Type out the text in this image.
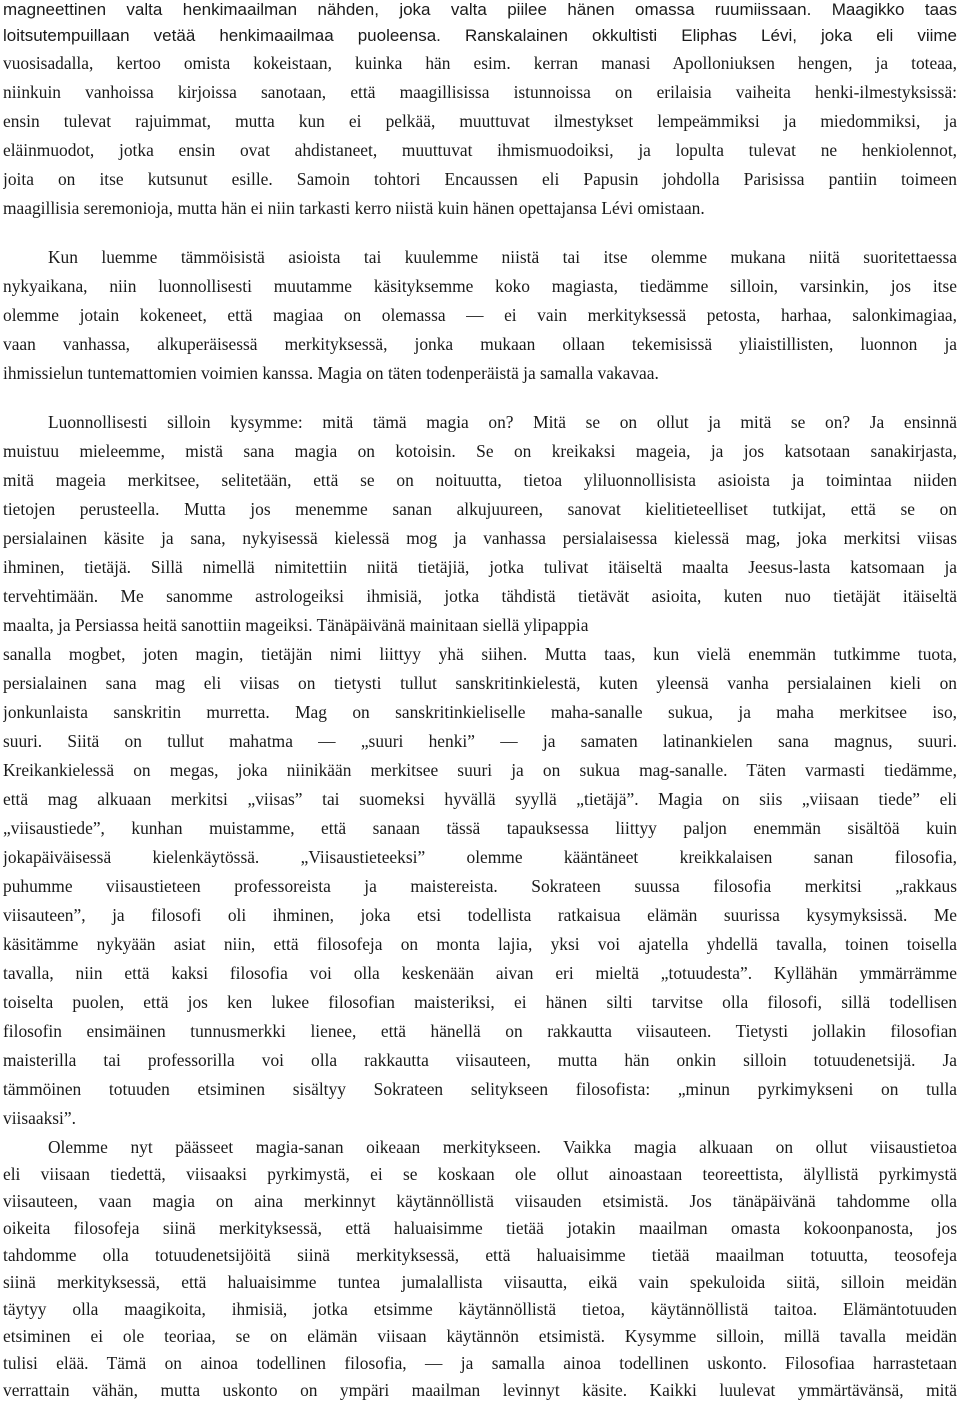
magneettinen valta henkimaailman nähden, joka valta piilee hänen omassa ruumiissaan. Maagikko taas
loitsutempuillaan vetää henkimaailmaa puoleensa. Ranskalainen okkultisti Eliphas Lévi, joka eli viime
vuosisadalla, kertoo omista kokeistaan, kuinka hän esim. kerran manasi Apolloniuksen hengen, ja toteaa,
niinkuin vanhoissa kirjoissa sanotaan, että maagillisissa istunnoissa on erilaisia vaiheita henki-ilmestyksissä:
ensin tulevat rajuimmat, mutta kun ei pelkää, muuttuvat ilmestykset lempeämmiksi ja miedommiksi, ja
eläinmuodot, jotka ensin ovat ahdistaneet, muuttuvat ihmismuodoiksi, ja lopulta tulevat ne henkiolennot,
joita on itse kutsunut esille. Samoin tohtori Encaussen eli Papusin johdolla Parisissa pantiin toimeen
maagillisia seremonioja, mutta hän ei niin tarkasti kerro niistä kuin hänen opettajansa Lévi omistaan.
Kun luemme tämmöisistä asioista tai kuulemme niistä tai itse olemme mukana niitä suoritettaessa
nykyaikana, niin luonnollisesti muutamme käsityksemme koko magiasta, tiedämme silloin, varsinkin, jos itse
olemme jotain kokeneet, että magiaa on olemassa — ei vain merkityksessä petosta, harhaa, salonkimagiaa,
vaan vanhassa, alkuperäisessä merkityksessä, jonka mukaan ollaan tekemisissä yliaistillisten, luonnon ja
ihmissielun tuntemattomien voimien kanssa. Magia on täten todenperäistä ja samalla vakavaa.
Luonnollisesti silloin kysymme: mitä tämä magia on? Mitä se on ollut ja mitä se on? Ja ensinnä
muistuu mieleemme, mistä sana magia on kotoisin. Se on kreikaksi mageia, ja jos katsotaan sanakirjasta,
mitä mageia merkitsee, selitetään, että se on noituutta, tietoa yliluonnollisista asioista ja toimintaa niiden
tietojen perusteella. Mutta jos menemme sanan alkujuureen, sanovat kielitieteelliset tutkijat, että se on
persialainen käsite ja sana, nykyisessä kielessä mog ja vanhassa persialaisessa kielessä mag, joka merkitsi viisas
ihminen, tietäjä. Sillä nimellä nimitettiin niitä tietäjiä, jotka tulivat itäiseltä maalta Jeesus-lasta katsomaan ja
tervehtimään. Me sanomme astrologeiksi ihmisiä, jotka tähdistä tietävät asioita, kuten nuo tietäjät itäiseltä
maalta, ja Persiassa heitä sanottiin mageiksi. Tänäpäivänä mainitaan siellä ylipappia
sanalla mogbet, joten magin, tietäjän nimi liittyy yhä siihen. Mutta taas, kun vielä enemmän tutkimme tuota,
persialainen sana mag eli viisas on tietysti tullut sanskritinkielestä, kuten yleensä vanha persialainen kieli on
jonkunlaista sanskritin murretta. Mag on sanskritinkieliselle maha-sanalle sukua, ja maha merkitsee iso,
suuri. Siitä on tullut mahatma — „suuri henki” — ja samaten latinankielen sana magnus, suuri.
Kreikankielessä on megas, joka niinikään merkitsee suuri ja on sukua mag-sanalle. Täten varmasti tiedämme,
että mag alkuaan merkitsi „viisas” tai suomeksi hyvällä syyllä „tietäjä”. Magia on siis „viisaan tiede” eli
„viisaustiede”, kunhan muistamme, että sanaan tässä tapauksessa liittyy paljon enemmän sisältöä kuin
jokapäiväisessä kielenkäytössä. „Viisaustieteeksi” olemme kääntäneet kreikkalaisen sanan filosofia,
puhumme viisaustieteen professoreista ja maistereista. Sokrateen suussa filosofia merkitsi „rakkaus
viisauteen”, ja filosofi oli ihminen, joka etsi todellista ratkaisua elämän suurissa kysymyksissä. Me
käsitämme nykyään asiat niin, että filosofeja on monta lajia, yksi voi ajatella yhdellä tavalla, toinen toisella
tavalla, niin että kaksi filosofia voi olla keskenään aivan eri mieltä „totuudesta”. Kyllähän ymmärrämme
toiselta puolen, että jos ken lukee filosofian maisteriksi, ei hänen silti tarvitse olla filosofi, sillä todellisen
filosofin ensimäinen tunnusmerkki lienee, että hänellä on rakkautta viisauteen. Tietysti jollakin filosofian
maisterilla tai professorilla voi olla rakkautta viisauteen, mutta hän onkin silloin totuudenetsijä. Ja
tämmöinen totuuden etsiminen sisältyy Sokrateen selitykseen filosofista: „minun pyrkimykseni on tulla
viisaaksi”.
Olemme nyt päässeet magia-sanan oikeaan merkitykseen. Vaikka magia alkuaan on ollut viisaustietoa
eli viisaan tiedettä, viisaaksi pyrkimystä, ei se koskaan ole ollut ainoastaan teoreettista, älyllistä pyrkimystä
viisauteen, vaan magia on aina merkinnyt käytännöllistä viisauden etsimistä. Jos tänäpäivänä tahdomme olla
oikeita filosofeja siinä merkityksessä, että haluaisimme tietää jotakin maailman omasta kokoonpanosta, jos
tahdomme olla totuudenetsijöitä siinä merkityksessä, että haluaisimme tietää maailman totuutta, teosofeja
siinä merkityksessä, että haluaisimme tuntea jumalallista viisautta, eikä vain spekuloida siitä, silloin meidän
täytyy olla maagikoita, ihmisiä, jotka etsimme käytännöllistä tietoa, käytännöllistä taitoa. Elämäntotuuden
etsiminen ei ole teoriaa, se on elämän viisaan käytännön etsimistä. Kysymme silloin, millä tavalla meidän
tulisi elää. Tämä on ainoa todellinen filosofia, — ja samalla ainoa todellinen uskonto. Filosofiaa harrastetaan
verrattain vähän, mutta uskonto on ympäri maailman levinnyt käsite. Kaikki luulevat ymmärtävänsä, mitä
